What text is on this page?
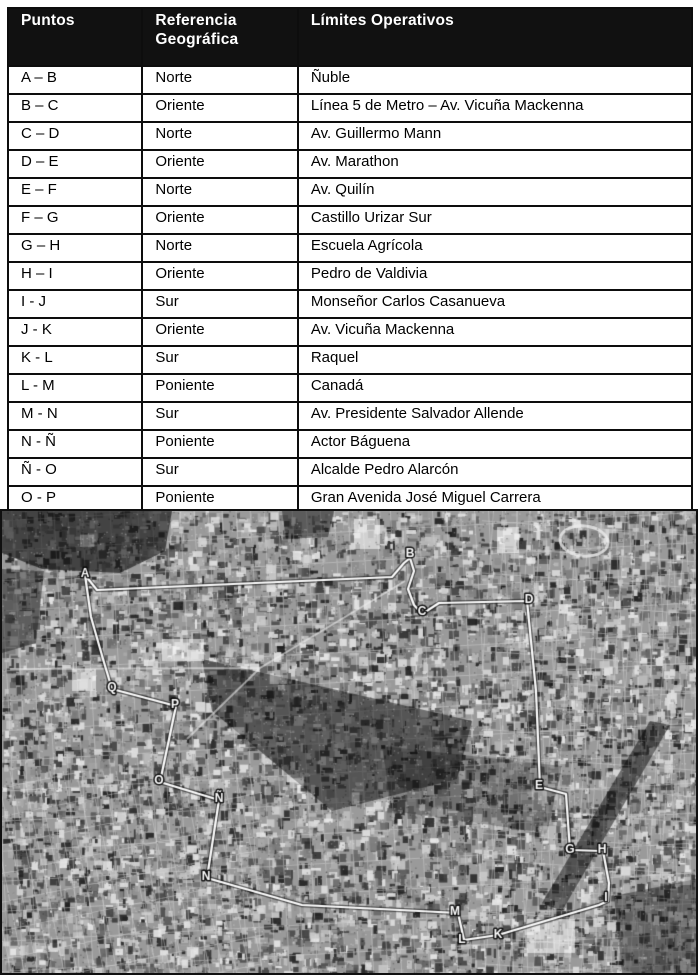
Puntos	Referencia Geográfica	Límites Operativos
A – B	Norte	Ñuble
B – C	Oriente	Línea 5 de Metro – Av. Vicuña Mackenna
C – D	Norte	Av. Guillermo Mann
D – E	Oriente	Av. Marathon
E – F	Norte	Av. Quilín
F – G	Oriente	Castillo Urizar Sur
G – H	Norte	Escuela Agrícola
H – I	Oriente	Pedro de Valdivia
I - J	Sur	Monseñor Carlos Casanueva
J - K	Oriente	Av. Vicuña Mackenna
K - L	Sur	Raquel
L - M	Poniente	Canadá
M - N	Sur	Av. Presidente Salvador Allende
N - Ñ	Poniente	Actor Báguena
Ñ - O	Sur	Alcalde Pedro Alarcón
O - P	Poniente	Gran Avenida José Miguel Carrera
